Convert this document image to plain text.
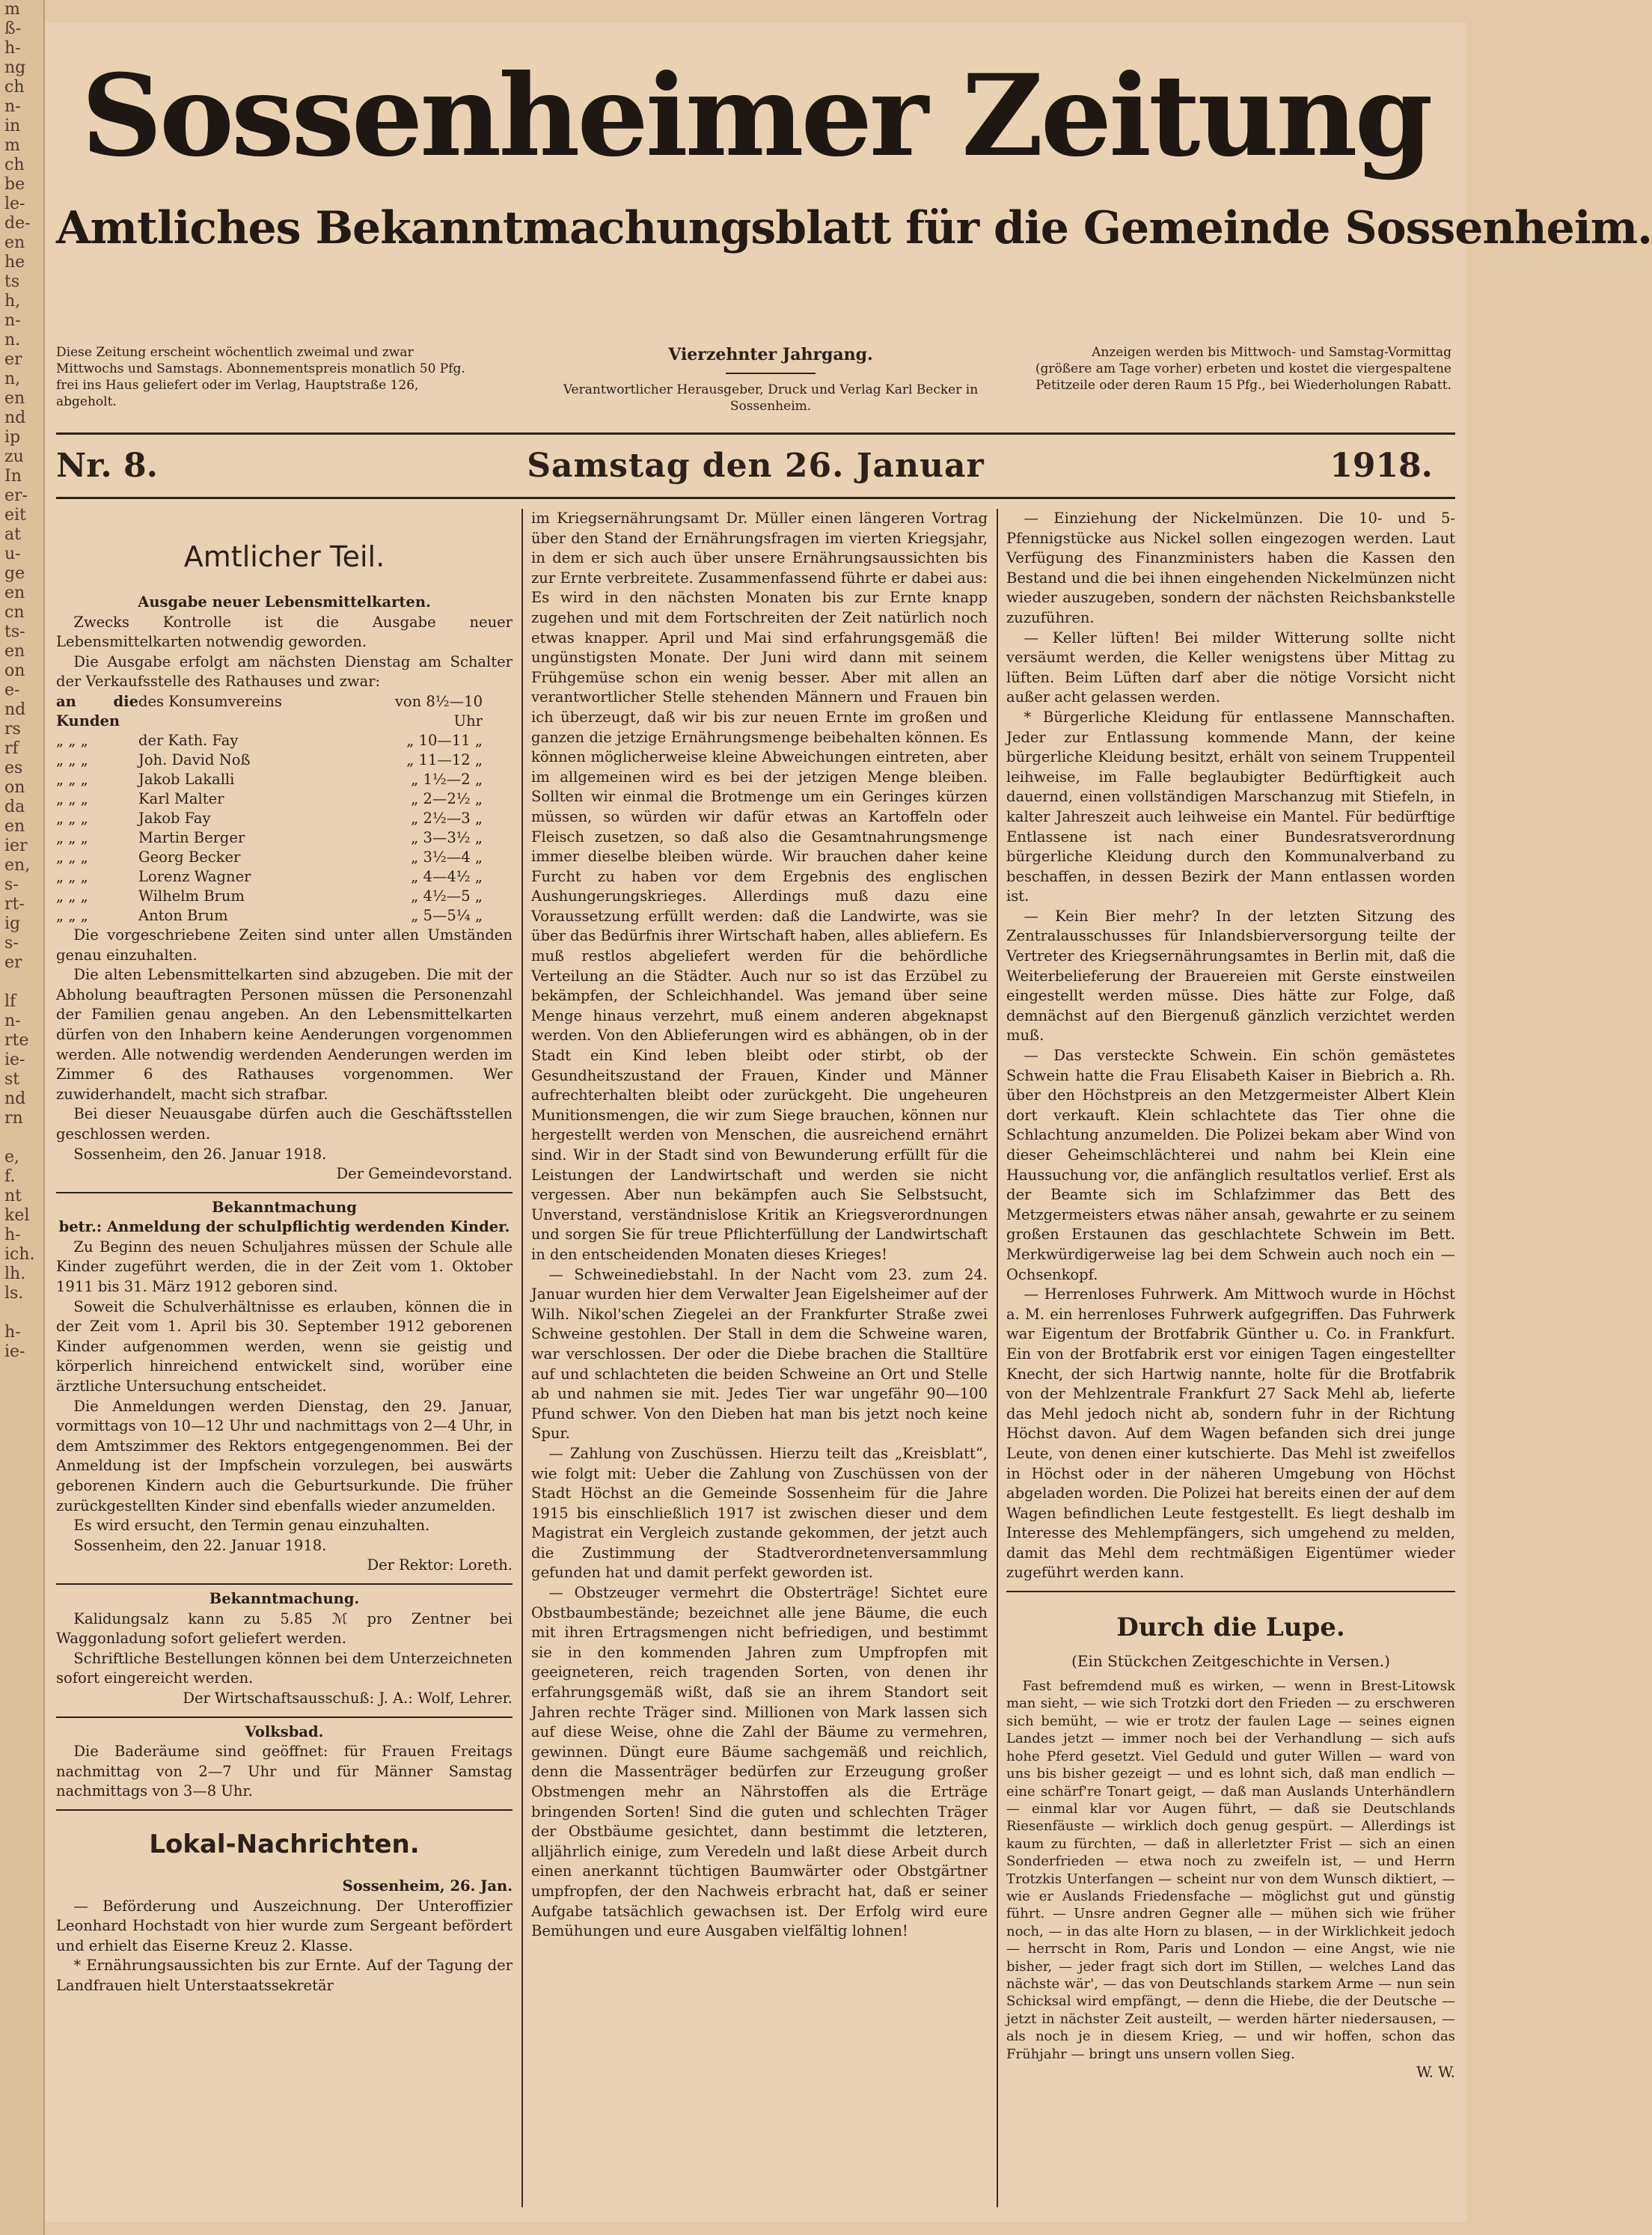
m
ß-
h-
ng
ch
n-
in
m
ch
be
le-
de-
en
he
ts
h,
n-
n.
er
n,
en
nd
ip
zu
In
er-
eit
at
u-
ge
en
cn
ts-
en
on
e-
nd
rs
rf
es
on
da
en
ier
en,
s-
rt-
ig
s-
er

lf
n-
rte
ie-
st
nd
rn

e,
f.
nt
kel
h-
ich.
lh.
ls.

h-
ie-
Sossenheimer Zeitung
Amtliches Bekanntmachungsblatt für die Gemeinde Sossenheim.
Diese Zeitung erscheint wöchentlich zweimal und zwar Mittwochs und Samstags. Abonnementspreis monatlich 50 Pfg. frei ins Haus geliefert oder im Verlag, Hauptstraße 126, abgeholt.
Vierzehnter Jahrgang.
Verantwortlicher Herausgeber, Druck und Verlag Karl Becker in Sossenheim.
Anzeigen werden bis Mittwoch- und Samstag-Vormittag (größere am Tage vorher) erbeten und kostet die viergespaltene Petitzeile oder deren Raum 15 Pfg., bei Wiederholungen Rabatt.
Samstag den 26. Januar
Nr. 8.	1918.
Amtlicher Teil.
Ausgabe neuer Lebensmittelkarten.

Zwecks Kontrolle ist die Ausgabe neuer Lebensmittelkarten notwendig geworden.

Die Ausgabe erfolgt am nächsten Dienstag am Schalter der Verkaufsstelle des Rathauses und zwar:

an die Kunden	des Konsumvereins	von 8½—10 Uhr
„ „ „	der Kath. Fay	„ 10—11 „
„ „ „	Joh. David Noß	„ 11—12 „
„ „ „	Jakob Lakalli	„ 1½—2 „
„ „ „	Karl Malter	„ 2—2½ „
„ „ „	Jakob Fay	„ 2½—3 „
„ „ „	Martin Berger	„ 3—3½ „
„ „ „	Georg Becker	„ 3½—4 „
„ „ „	Lorenz Wagner	„ 4—4½ „
„ „ „	Wilhelm Brum	„ 4½—5 „
„ „ „	Anton Brum	„ 5—5¼ „

Die vorgeschriebene Zeiten sind unter allen Umständen genau einzuhalten.

Die alten Lebensmittelkarten sind abzugeben. Die mit der Abholung beauftragten Personen müssen die Personenzahl der Familien genau angeben. An den Lebensmittelkarten dürfen von den Inhabern keine Aenderungen vorgenommen werden. Alle notwendig werdenden Aenderungen werden im Zimmer 6 des Rathauses vorgenommen. Wer zuwiderhandelt, macht sich strafbar.

Bei dieser Neuausgabe dürfen auch die Geschäftsstellen geschlossen werden.

Sossenheim, den 26. Januar 1918.

Der Gemeindevorstand.
Bekanntmachung
betr.: Anmeldung der schulpflichtig werdenden Kinder.

Zu Beginn des neuen Schuljahres müssen der Schule alle Kinder zugeführt werden, die in der Zeit vom 1. Oktober 1911 bis 31. März 1912 geboren sind.

Soweit die Schulverhältnisse es erlauben, können die in der Zeit vom 1. April bis 30. September 1912 geborenen Kinder aufgenommen werden, wenn sie geistig und körperlich hinreichend entwickelt sind, worüber eine ärztliche Untersuchung entscheidet.

Die Anmeldungen werden Dienstag, den 29. Januar, vormittags von 10—12 Uhr und nachmittags von 2—4 Uhr, in dem Amtszimmer des Rektors entgegengenommen. Bei der Anmeldung ist der Impfschein vorzulegen, bei auswärts geborenen Kindern auch die Geburtsurkunde. Die früher zurückgestellten Kinder sind ebenfalls wieder anzumelden.

Es wird ersucht, den Termin genau einzuhalten.

Sossenheim, den 22. Januar 1918.

Der Rektor: Loreth.
Bekanntmachung.

Kalidungsalz kann zu 5.85 ℳ pro Zentner bei Waggonladung sofort geliefert werden.

Schriftliche Bestellungen können bei dem Unterzeichneten sofort eingereicht werden.

Der Wirtschaftsausschuß: J. A.: Wolf, Lehrer.

Volksbad.

Die Baderäume sind geöffnet: für Frauen Freitags nachmittag von 2—7 Uhr und für Männer Samstag nachmittags von 3—8 Uhr.

Lokal-Nachrichten.
Sossenheim, 26. Jan.

— Beförderung und Auszeichnung. Der Unteroffizier Leonhard Hochstadt von hier wurde zum Sergeant befördert und erhielt das Eiserne Kreuz 2. Klasse.

* Ernährungsaussichten bis zur Ernte. Auf der Tagung der Landfrauen hielt Unterstaatssekretär

im Kriegsernährungsamt Dr. Müller einen längeren Vortrag über den Stand der Ernährungsfragen im vierten Kriegsjahr, in dem er sich auch über unsere Ernährungsaussichten bis zur Ernte verbreitete. Zusammenfassend führte er dabei aus: Es wird in den nächsten Monaten bis zur Ernte knapp zugehen und mit dem Fortschreiten der Zeit natürlich noch etwas knapper. April und Mai sind erfahrungsgemäß die ungünstigsten Monate. Der Juni wird dann mit seinem Frühgemüse schon ein wenig besser. Aber mit allen an verantwortlicher Stelle stehenden Männern und Frauen bin ich überzeugt, daß wir bis zur neuen Ernte im großen und ganzen die jetzige Ernährungsmenge beibehalten können. Es können möglicherweise kleine Abweichungen eintreten, aber im allgemeinen wird es bei der jetzigen Menge bleiben. Sollten wir einmal die Brotmenge um ein Geringes kürzen müssen, so würden wir dafür etwas an Kartoffeln oder Fleisch zusetzen, so daß also die Gesamtnahrungsmenge immer dieselbe bleiben würde. Wir brauchen daher keine Furcht zu haben vor dem Ergebnis des englischen Aushungerungskrieges. Allerdings muß dazu eine Voraussetzung erfüllt werden: daß die Landwirte, was sie über das Bedürfnis ihrer Wirtschaft haben, alles abliefern. Es muß restlos abgeliefert werden für die behördliche Verteilung an die Städter. Auch nur so ist das Erzübel zu bekämpfen, der Schleichhandel. Was jemand über seine Menge hinaus verzehrt, muß einem anderen abgeknapst werden. Von den Ablieferungen wird es abhängen, ob in der Stadt ein Kind leben bleibt oder stirbt, ob der Gesundheitszustand der Frauen, Kinder und Männer aufrechterhalten bleibt oder zurückgeht. Die ungeheuren Munitionsmengen, die wir zum Siege brauchen, können nur hergestellt werden von Menschen, die ausreichend ernährt sind. Wir in der Stadt sind von Bewunderung erfüllt für die Leistungen der Landwirtschaft und werden sie nicht vergessen. Aber nun bekämpfen auch Sie Selbstsucht, Unverstand, verständnislose Kritik an Kriegsverordnungen und sorgen Sie für treue Pflichterfüllung der Landwirtschaft in den entscheidenden Monaten dieses Krieges!

— Schweinediebstahl. In der Nacht vom 23. zum 24. Januar wurden hier dem Verwalter Jean Eigelsheimer auf der Wilh. Nikol'schen Ziegelei an der Frankfurter Straße zwei Schweine gestohlen. Der Stall in dem die Schweine waren, war verschlossen. Der oder die Diebe brachen die Stalltüre auf und schlachteten die beiden Schweine an Ort und Stelle ab und nahmen sie mit. Jedes Tier war ungefähr 90—100 Pfund schwer. Von den Dieben hat man bis jetzt noch keine Spur.

— Zahlung von Zuschüssen. Hierzu teilt das „Kreisblatt“, wie folgt mit: Ueber die Zahlung von Zuschüssen von der Stadt Höchst an die Gemeinde Sossenheim für die Jahre 1915 bis einschließlich 1917 ist zwischen dieser und dem Magistrat ein Vergleich zustande gekommen, der jetzt auch die Zustimmung der Stadtverordnetenversammlung gefunden hat und damit perfekt geworden ist.

— Obstzeuger vermehrt die Obsterträge! Sichtet eure Obstbaumbestände; bezeichnet alle jene Bäume, die euch mit ihren Ertragsmengen nicht befriedigen, und bestimmt sie in den kommenden Jahren zum Umpfropfen mit geeigneteren, reich tragenden Sorten, von denen ihr erfahrungsgemäß wißt, daß sie an ihrem Standort seit Jahren rechte Träger sind. Millionen von Mark lassen sich auf diese Weise, ohne die Zahl der Bäume zu vermehren, gewinnen. Düngt eure Bäume sachgemäß und reichlich, denn die Massenträger bedürfen zur Erzeugung großer Obstmengen mehr an Nährstoffen als die Erträge bringenden Sorten! Sind die guten und schlechten Träger der Obstbäume gesichtet, dann bestimmt die letzteren, alljährlich einige, zum Veredeln und laßt diese Arbeit durch einen anerkannt tüchtigen Baumwärter oder Obstgärtner umpfropfen, der den Nachweis erbracht hat, daß er seiner Aufgabe tatsächlich gewachsen ist. Der Erfolg wird eure Bemühungen und eure Ausgaben vielfältig lohnen!

— Einziehung der Nickelmünzen. Die 10- und 5-Pfennigstücke aus Nickel sollen eingezogen werden. Laut Verfügung des Finanzministers haben die Kassen den Bestand und die bei ihnen eingehenden Nickelmünzen nicht wieder auszugeben, sondern der nächsten Reichsbankstelle zuzuführen.

— Keller lüften! Bei milder Witterung sollte nicht versäumt werden, die Keller wenigstens über Mittag zu lüften. Beim Lüften darf aber die nötige Vorsicht nicht außer acht gelassen werden.

* Bürgerliche Kleidung für entlassene Mannschaften. Jeder zur Entlassung kommende Mann, der keine bürgerliche Kleidung besitzt, erhält von seinem Truppenteil leihweise, im Falle beglaubigter Bedürftigkeit auch dauernd, einen vollständigen Marschanzug mit Stiefeln, in kalter Jahreszeit auch leihweise ein Mantel. Für bedürftige Entlassene ist nach einer Bundesratsverordnung bürgerliche Kleidung durch den Kommunalverband zu beschaffen, in dessen Bezirk der Mann entlassen worden ist.

— Kein Bier mehr? In der letzten Sitzung des Zentralausschusses für Inlandsbierversorgung teilte der Vertreter des Kriegsernährungsamtes in Berlin mit, daß die Weiterbelieferung der Brauereien mit Gerste einstweilen eingestellt werden müsse. Dies hätte zur Folge, daß demnächst auf den Biergenuß gänzlich verzichtet werden muß.

— Das versteckte Schwein. Ein schön gemästetes Schwein hatte die Frau Elisabeth Kaiser in Biebrich a. Rh. über den Höchstpreis an den Metzgermeister Albert Klein dort verkauft. Klein schlachtete das Tier ohne die Schlachtung anzumelden. Die Polizei bekam aber Wind von dieser Geheimschlächterei und nahm bei Klein eine Haussuchung vor, die anfänglich resultatlos verlief. Erst als der Beamte sich im Schlafzimmer das Bett des Metzgermeisters etwas näher ansah, gewahrte er zu seinem großen Erstaunen das geschlachtete Schwein im Bett. Merkwürdigerweise lag bei dem Schwein auch noch ein — Ochsenkopf.

— Herrenloses Fuhrwerk. Am Mittwoch wurde in Höchst a. M. ein herrenloses Fuhrwerk aufgegriffen. Das Fuhrwerk war Eigentum der Brotfabrik Günther u. Co. in Frankfurt. Ein von der Brotfabrik erst vor einigen Tagen eingestellter Knecht, der sich Hartwig nannte, holte für die Brotfabrik von der Mehlzentrale Frankfurt 27 Sack Mehl ab, lieferte das Mehl jedoch nicht ab, sondern fuhr in der Richtung Höchst davon. Auf dem Wagen befanden sich drei junge Leute, von denen einer kutschierte. Das Mehl ist zweifellos in Höchst oder in der näheren Umgebung von Höchst abgeladen worden. Die Polizei hat bereits einen der auf dem Wagen befindlichen Leute festgestellt. Es liegt deshalb im Interesse des Mehlempfängers, sich umgehend zu melden, damit das Mehl dem rechtmäßigen Eigentümer wieder zugeführt werden kann.

Durch die Lupe.
(Ein Stückchen Zeitgeschichte in Versen.)

Fast befremdend muß es wirken, — wenn in Brest-Litowsk man sieht, — wie sich Trotzki dort den Frieden — zu erschweren sich bemüht, — wie er trotz der faulen Lage — seines eignen Landes jetzt — immer noch bei der Verhandlung — sich aufs hohe Pferd gesetzt. Viel Geduld und guter Willen — ward von uns bis bisher gezeigt — und es lohnt sich, daß man endlich — eine schärf're Tonart geigt, — daß man Auslands Unterhändlern — einmal klar vor Augen führt, — daß sie Deutschlands Riesenfäuste — wirklich doch genug gespürt. — Allerdings ist kaum zu fürchten, — daß in allerletzter Frist — sich an einen Sonderfrieden — etwa noch zu zweifeln ist, — und Herrn Trotzkis Unterfangen — scheint nur von dem Wunsch diktiert, — wie er Auslands Friedensfache — möglichst gut und günstig führt. — Unsre andren Gegner alle — mühen sich wie früher noch, — in das alte Horn zu blasen, — in der Wirklichkeit jedoch — herrscht in Rom, Paris und London — eine Angst, wie nie bisher, — jeder fragt sich dort im Stillen, — welches Land das nächste wär', — das von Deutschlands starkem Arme — nun sein Schicksal wird empfängt, — denn die Hiebe, die der Deutsche — jetzt in nächster Zeit austeilt, — werden härter niedersausen, — als noch je in diesem Krieg, — und wir hoffen, schon das Frühjahr — bringt uns unsern vollen Sieg.

W. W.
